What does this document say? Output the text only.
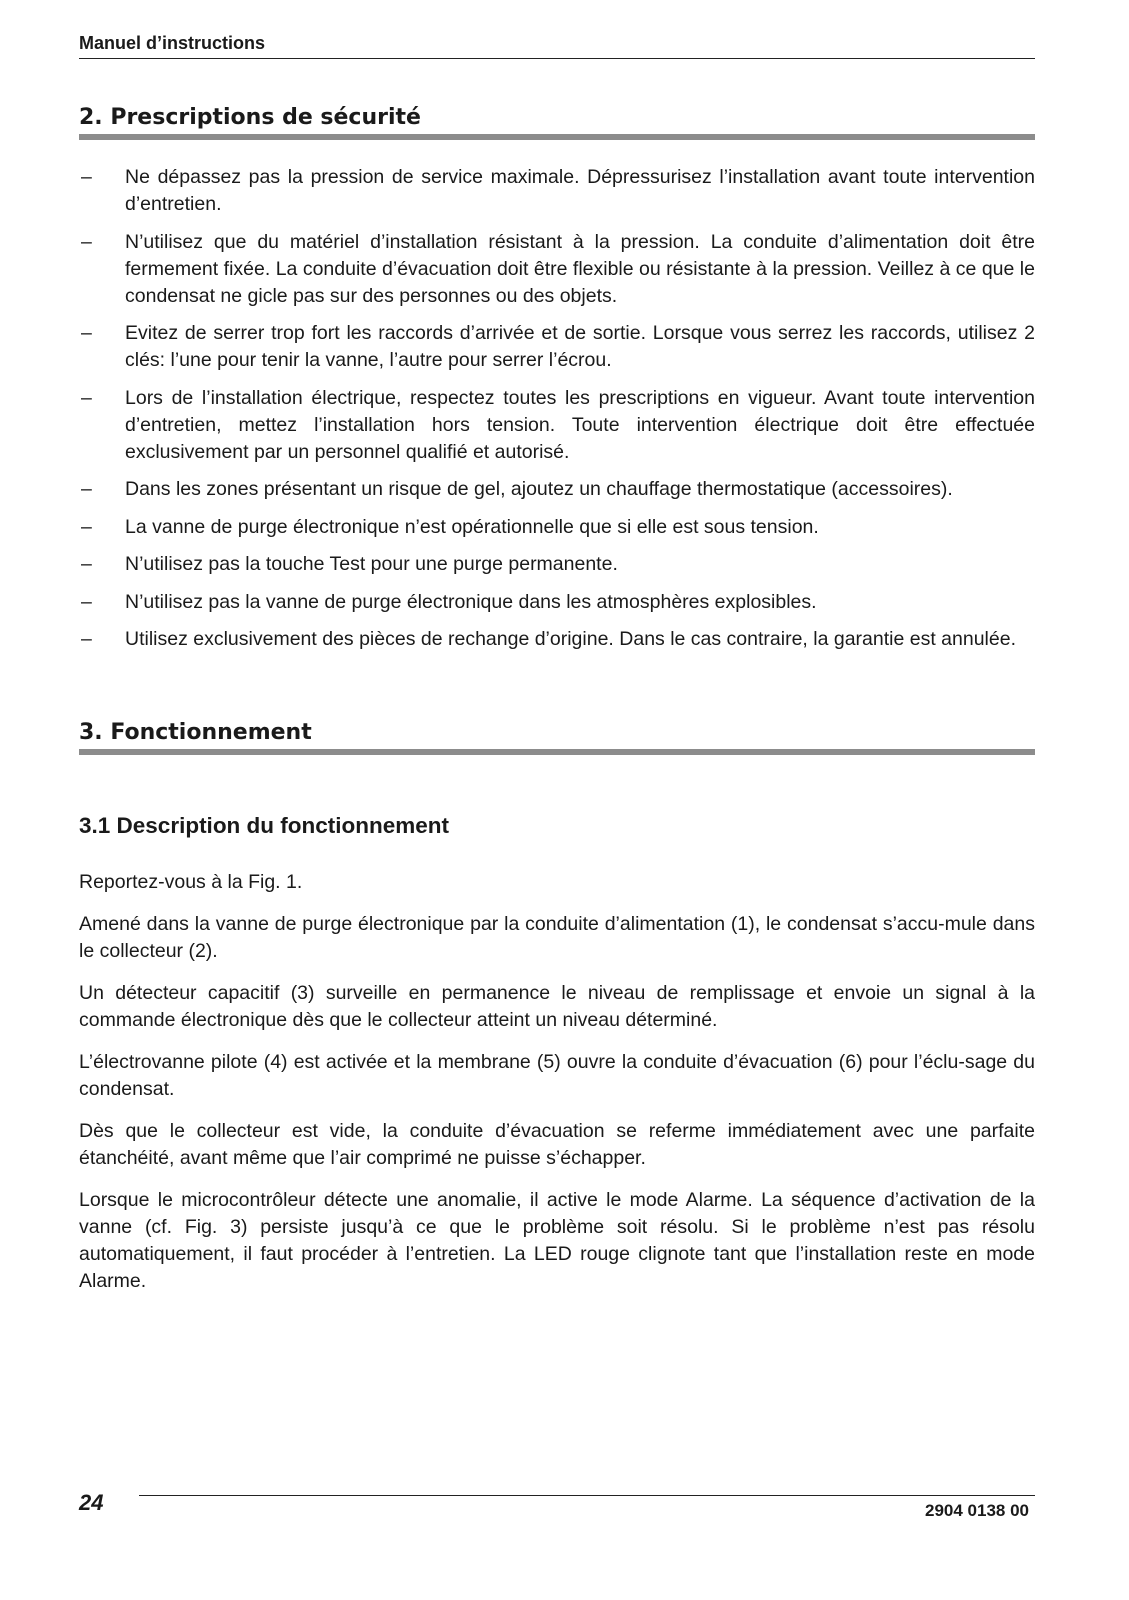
Manuel d’instructions
2. Prescriptions de sécurité
– Ne dépassez pas la pression de service maximale. Dépressurisez l’installation avant toute intervention d’entretien.
– N’utilisez que du matériel d’installation résistant à la pression. La conduite d’alimentation doit être fermement fixée. La conduite d’évacuation doit être flexible ou résistante à la pression. Veillez à ce que le condensat ne gicle pas sur des personnes ou des objets.
– Evitez de serrer trop fort les raccords d’arrivée et de sortie. Lorsque vous serrez les raccords, utilisez 2 clés: l’une pour tenir la vanne, l’autre pour serrer l’écrou.
– Lors de l’installation électrique, respectez toutes les prescriptions en vigueur. Avant toute intervention d’entretien, mettez l’installation hors tension. Toute intervention électrique doit être effectuée exclusivement par un personnel qualifié et autorisé.
– Dans les zones présentant un risque de gel, ajoutez un chauffage thermostatique (accessoires).
– La vanne de purge électronique n’est opérationnelle que si elle est sous tension.
– N’utilisez pas la touche Test pour une purge permanente.
– N’utilisez pas la vanne de purge électronique dans les atmosphères explosibles.
– Utilisez exclusivement des pièces de rechange d’origine. Dans le cas contraire, la garantie est annulée.
3. Fonctionnement
3.1 Description du fonctionnement

Reportez-vous à la Fig. 1.

Amené dans la vanne de purge électronique par la conduite d’alimentation (1), le condensat s’accu-mule dans le collecteur (2).

Un détecteur capacitif (3) surveille en permanence le niveau de remplissage et envoie un signal à la commande électronique dès que le collecteur atteint un niveau déterminé.

L’électrovanne pilote (4) est activée et la membrane (5) ouvre la conduite d’évacuation (6) pour l’éclu-sage du condensat.

Dès que le collecteur est vide, la conduite d’évacuation se referme immédiatement avec une parfaite étanchéité, avant même que l’air comprimé ne puisse s’échapper.

Lorsque le microcontrôleur détecte une anomalie, il active le mode Alarme. La séquence d’activation de la vanne (cf. Fig. 3) persiste jusqu’à ce que le problème soit résolu. Si le problème n’est pas résolu automatiquement, il faut procéder à l’entretien. La LED rouge clignote tant que l’installation reste en mode Alarme.

24	2904 0138 00
